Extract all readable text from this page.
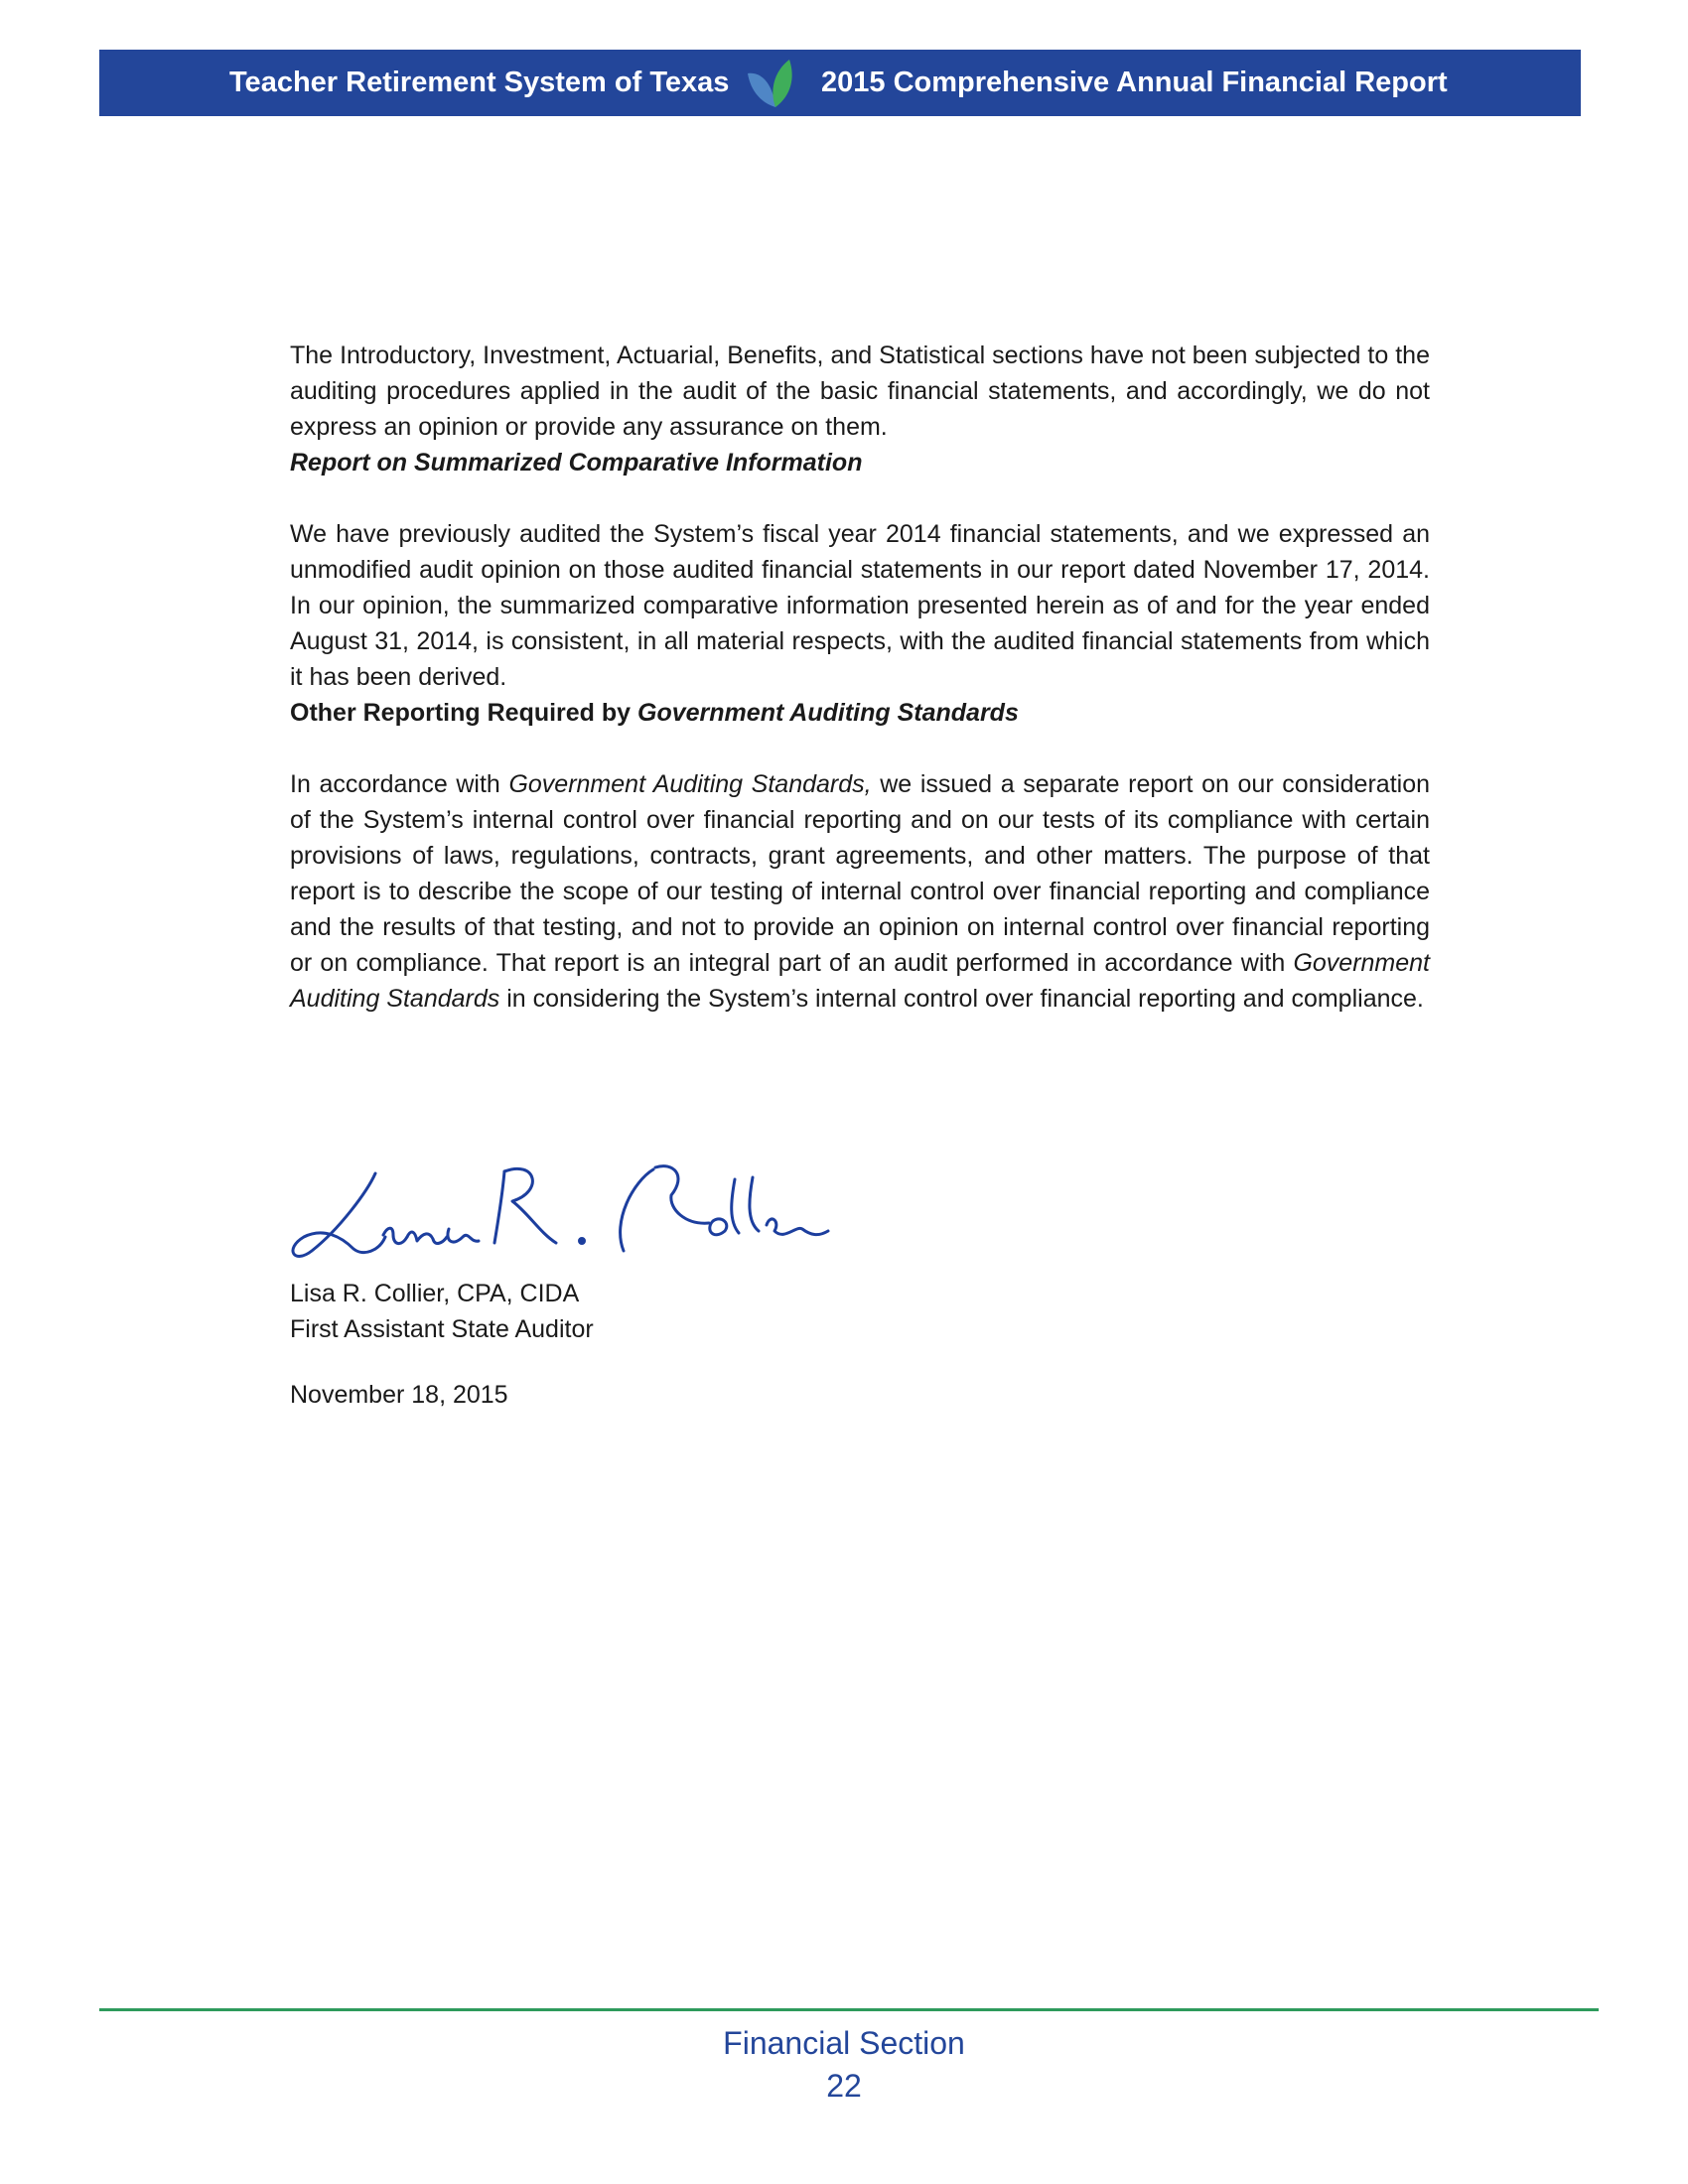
Teacher Retirement System of Texas	2015 Comprehensive Annual Financial Report

The Introductory, Investment, Actuarial, Benefits, and Statistical sections have not been subjected to the auditing procedures applied in the audit of the basic financial statements, and accordingly, we do not express an opinion or provide any assurance on them.

Report on Summarized Comparative Information

We have previously audited the System’s fiscal year 2014 financial statements, and we expressed an unmodified audit opinion on those audited financial statements in our report dated November 17, 2014. In our opinion, the summarized comparative information presented herein as of and for the year ended August 31, 2014, is consistent, in all material respects, with the audited financial statements from which it has been derived.

Other Reporting Required by Government Auditing Standards

In accordance with Government Auditing Standards, we issued a separate report on our consideration of the System’s internal control over financial reporting and on our tests of its compliance with certain provisions of laws, regulations, contracts, grant agreements, and other matters. The purpose of that report is to describe the scope of our testing of internal control over financial reporting and compliance and the results of that testing, and not to provide an opinion on internal control over financial reporting or on compliance. That report is an integral part of an audit performed in accordance with Government Auditing Standards in considering the System’s internal control over financial reporting and compliance.

Lisa R. Collier, CPA, CIDA
First Assistant State Auditor
November 18, 2015
Financial Section
22
